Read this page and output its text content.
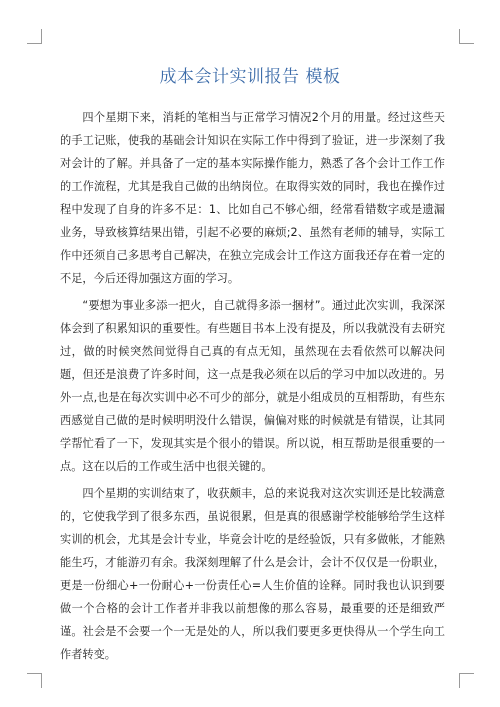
成本会计实训报告 模板

四个星期下来，消耗的笔相当与正常学习情况2个月的用量。经过这些天的手工记账，使我的基础会计知识在实际工作中得到了验证，进一步深刻了我对会计的了解。并具备了一定的基本实际操作能力，熟悉了各个会计工作工作的工作流程，尤其是我自己做的出纳岗位。在取得实效的同时，我也在操作过程中发现了自身的许多不足：1、比如自己不够心细，经常看错数字或是遗漏业务，导致核算结果出错，引起不必要的麻烦;2、虽然有老师的辅导，实际工作中还须自己多思考自己解决，在独立完成会计工作这方面我还存在着一定的不足，今后还得加强这方面的学习。

“要想为事业多添一把火，自己就得多添一捆材”。通过此次实训，我深深体会到了积累知识的重要性。有些题目书本上没有提及，所以我就没有去研究过，做的时候突然间觉得自己真的有点无知，虽然现在去看依然可以解决问题，但还是浪费了许多时间，这一点是我必须在以后的学习中加以改进的。另外一点,也是在每次实训中必不可少的部分，就是小组成员的互相帮助，有些东西感觉自己做的是时候明明没什么错误，偏偏对账的时候就是有错误，让其同学帮忙看了一下，发现其实是个很小的错误。所以说，相互帮助是很重要的一点。这在以后的工作或生活中也很关键的。

四个星期的实训结束了，收获颇丰，总的来说我对这次实训还是比较满意的，它使我学到了很多东西，虽说很累，但是真的很感谢学校能够给学生这样实训的机会，尤其是会计专业，毕竟会计吃的是经验饭，只有多做帐，才能熟能生巧，才能游刃有余。我深刻理解了什么是会计，会计不仅仅是一份职业，更是一份细心+一份耐心+一份责任心=人生价值的诠释。同时我也认识到要做一个合格的会计工作者并非我以前想像的那么容易，最重要的还是细致严谨。社会是不会要一个一无是处的人，所以我们要更多更快得从一个学生向工作者转变。
